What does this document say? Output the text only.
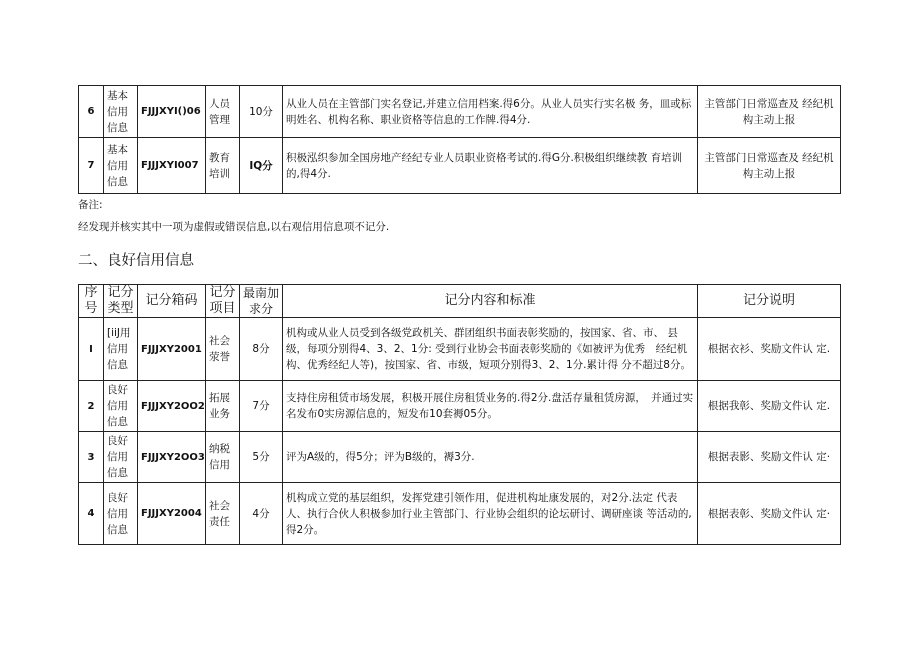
6	基本信用信息	FJJJXYI()06	人员管理	10分	从业人员在主管部门实名登记,并建立信用档案.得6分。从业人员实行实名极 务，皿或标明姓名、机构名称、职业资格等信息的工作牌.得4分.	主管部门日常巡查及 经纪机构主动上报
7	基本信用信息	FJJJXYI007	教育培训	IQ分	积极泓织参加全国房地产经纪专业人员职业资格考试的.得G分.积极组织继续教 育培训的,得4分.	主管部门日常巡查及 经纪机构主动上报
备注:
经发现并核实其中一项为虚假或错误信息,以右观信用信息项不记分.
二、良好信用信息
序号	记分类型	记分箱码	记分项目	最南加求分	记分内容和标准	记分说明
I	[iiJ用信用信息	FJJJXY2001	社会荥誉	8分	机构或从业人员受到各级党政机关、群团组织书面表彰奖励的，按国家、省、市、 县级，每项分别得4、3、2、1分: 受到行业协会书面表彰奖励的《如被评为优秀　经纪机构、优秀经纪人等)，按国家、省、市级，短项分别得3、2、1分.累计得 分不超过8分。	根据衣衫、奖励文件认 定.
2	良好信用信息	FJJJXY2OO2	拓展业务	7分	支持住房租赁市场发展，积极开展住房租赁业务的.得2分.盘活存量租赁房源，　并通过实名发布0实房源信息的，短发布10套褥05分。	根据我彰、奖励文件认 定.
3	良好信用信息	FJJJXY2OO3	纳税信用	5分	评为A级的，得5分；评为B级的，褥3分.	根据表影、奖励文件认 定·
4	良好信用信息	FJJJXY2004	社会责任	4分	机构成立党的基层组织，发挥党建引领作用，促进机构址康发展的，对2分.法定 代表人、执行合伙人积极参加行业主管部门、行业协会组织的论坛研讨、调研座谈 等活动的,得2分。	根据表彰、奖励文件认 定·
